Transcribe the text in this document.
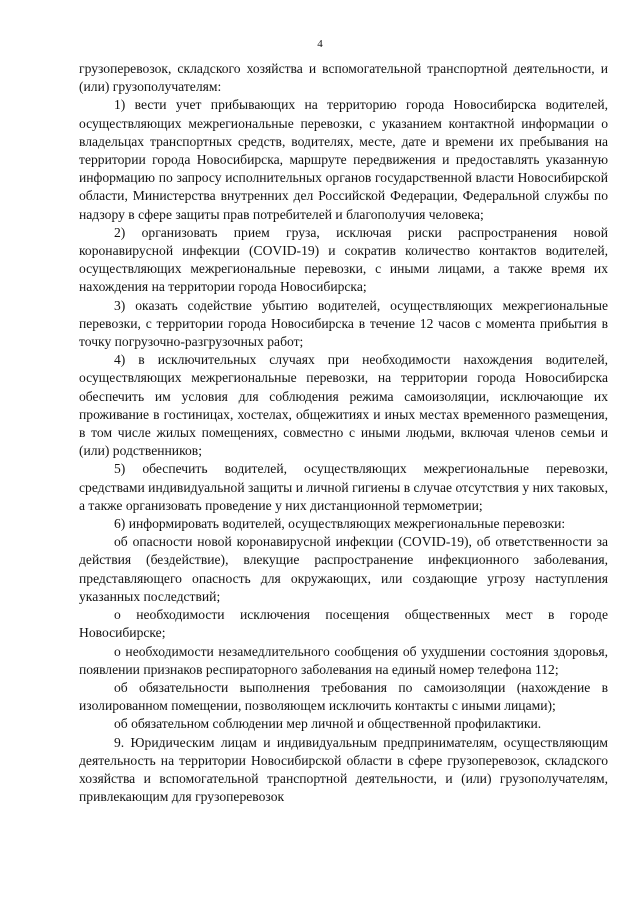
4

грузоперевозок, складского хозяйства и вспомогательной транспортной деятельности, и (или) грузополучателям:

1) вести учет прибывающих на территорию города Новосибирска водителей, осуществляющих межрегиональные перевозки, с указанием контактной информации о владельцах транспортных средств, водителях, месте, дате и времени их пребывания на территории города Новосибирска, маршруте передвижения и предоставлять указанную информацию по запросу исполнительных органов государственной власти Новосибирской области, Министерства внутренних дел Российской Федерации, Федеральной службы по надзору в сфере защиты прав потребителей и благополучия человека;

2) организовать прием груза, исключая риски распространения новой коронавирусной инфекции (COVID-19) и сократив количество контактов водителей, осуществляющих межрегиональные перевозки, с иными лицами, а также время их нахождения на территории города Новосибирска;

3) оказать содействие убытию водителей, осуществляющих межрегиональные перевозки, с территории города Новосибирска в течение 12 часов с момента прибытия в точку погрузочно-разгрузочных работ;

4) в исключительных случаях при необходимости нахождения водителей, осуществляющих межрегиональные перевозки, на территории города Новосибирска обеспечить им условия для соблюдения режима самоизоляции, исключающие их проживание в гостиницах, хостелах, общежитиях и иных местах временного размещения, в том числе жилых помещениях, совместно с иными людьми, включая членов семьи и (или) родственников;

5) обеспечить водителей, осуществляющих межрегиональные перевозки, средствами индивидуальной защиты и личной гигиены в случае отсутствия у них таковых, а также организовать проведение у них дистанционной термометрии;

6) информировать водителей, осуществляющих межрегиональные перевозки:

об опасности новой коронавирусной инфекции (COVID-19), об ответственности за действия (бездействие), влекущие распространение инфекционного заболевания, представляющего опасность для окружающих, или создающие угрозу наступления указанных последствий;

о необходимости исключения посещения общественных мест в городе Новосибирске;

о необходимости незамедлительного сообщения об ухудшении состояния здоровья, появлении признаков респираторного заболевания на единый номер телефона 112;

об обязательности выполнения требования по самоизоляции (нахождение в изолированном помещении, позволяющем исключить контакты с иными лицами);

об обязательном соблюдении мер личной и общественной профилактики.

9. Юридическим лицам и индивидуальным предпринимателям, осуществляющим деятельность на территории Новосибирской области в сфере грузоперевозок, складского хозяйства и вспомогательной транспортной деятельности, и (или) грузополучателям, привлекающим для грузоперевозок
